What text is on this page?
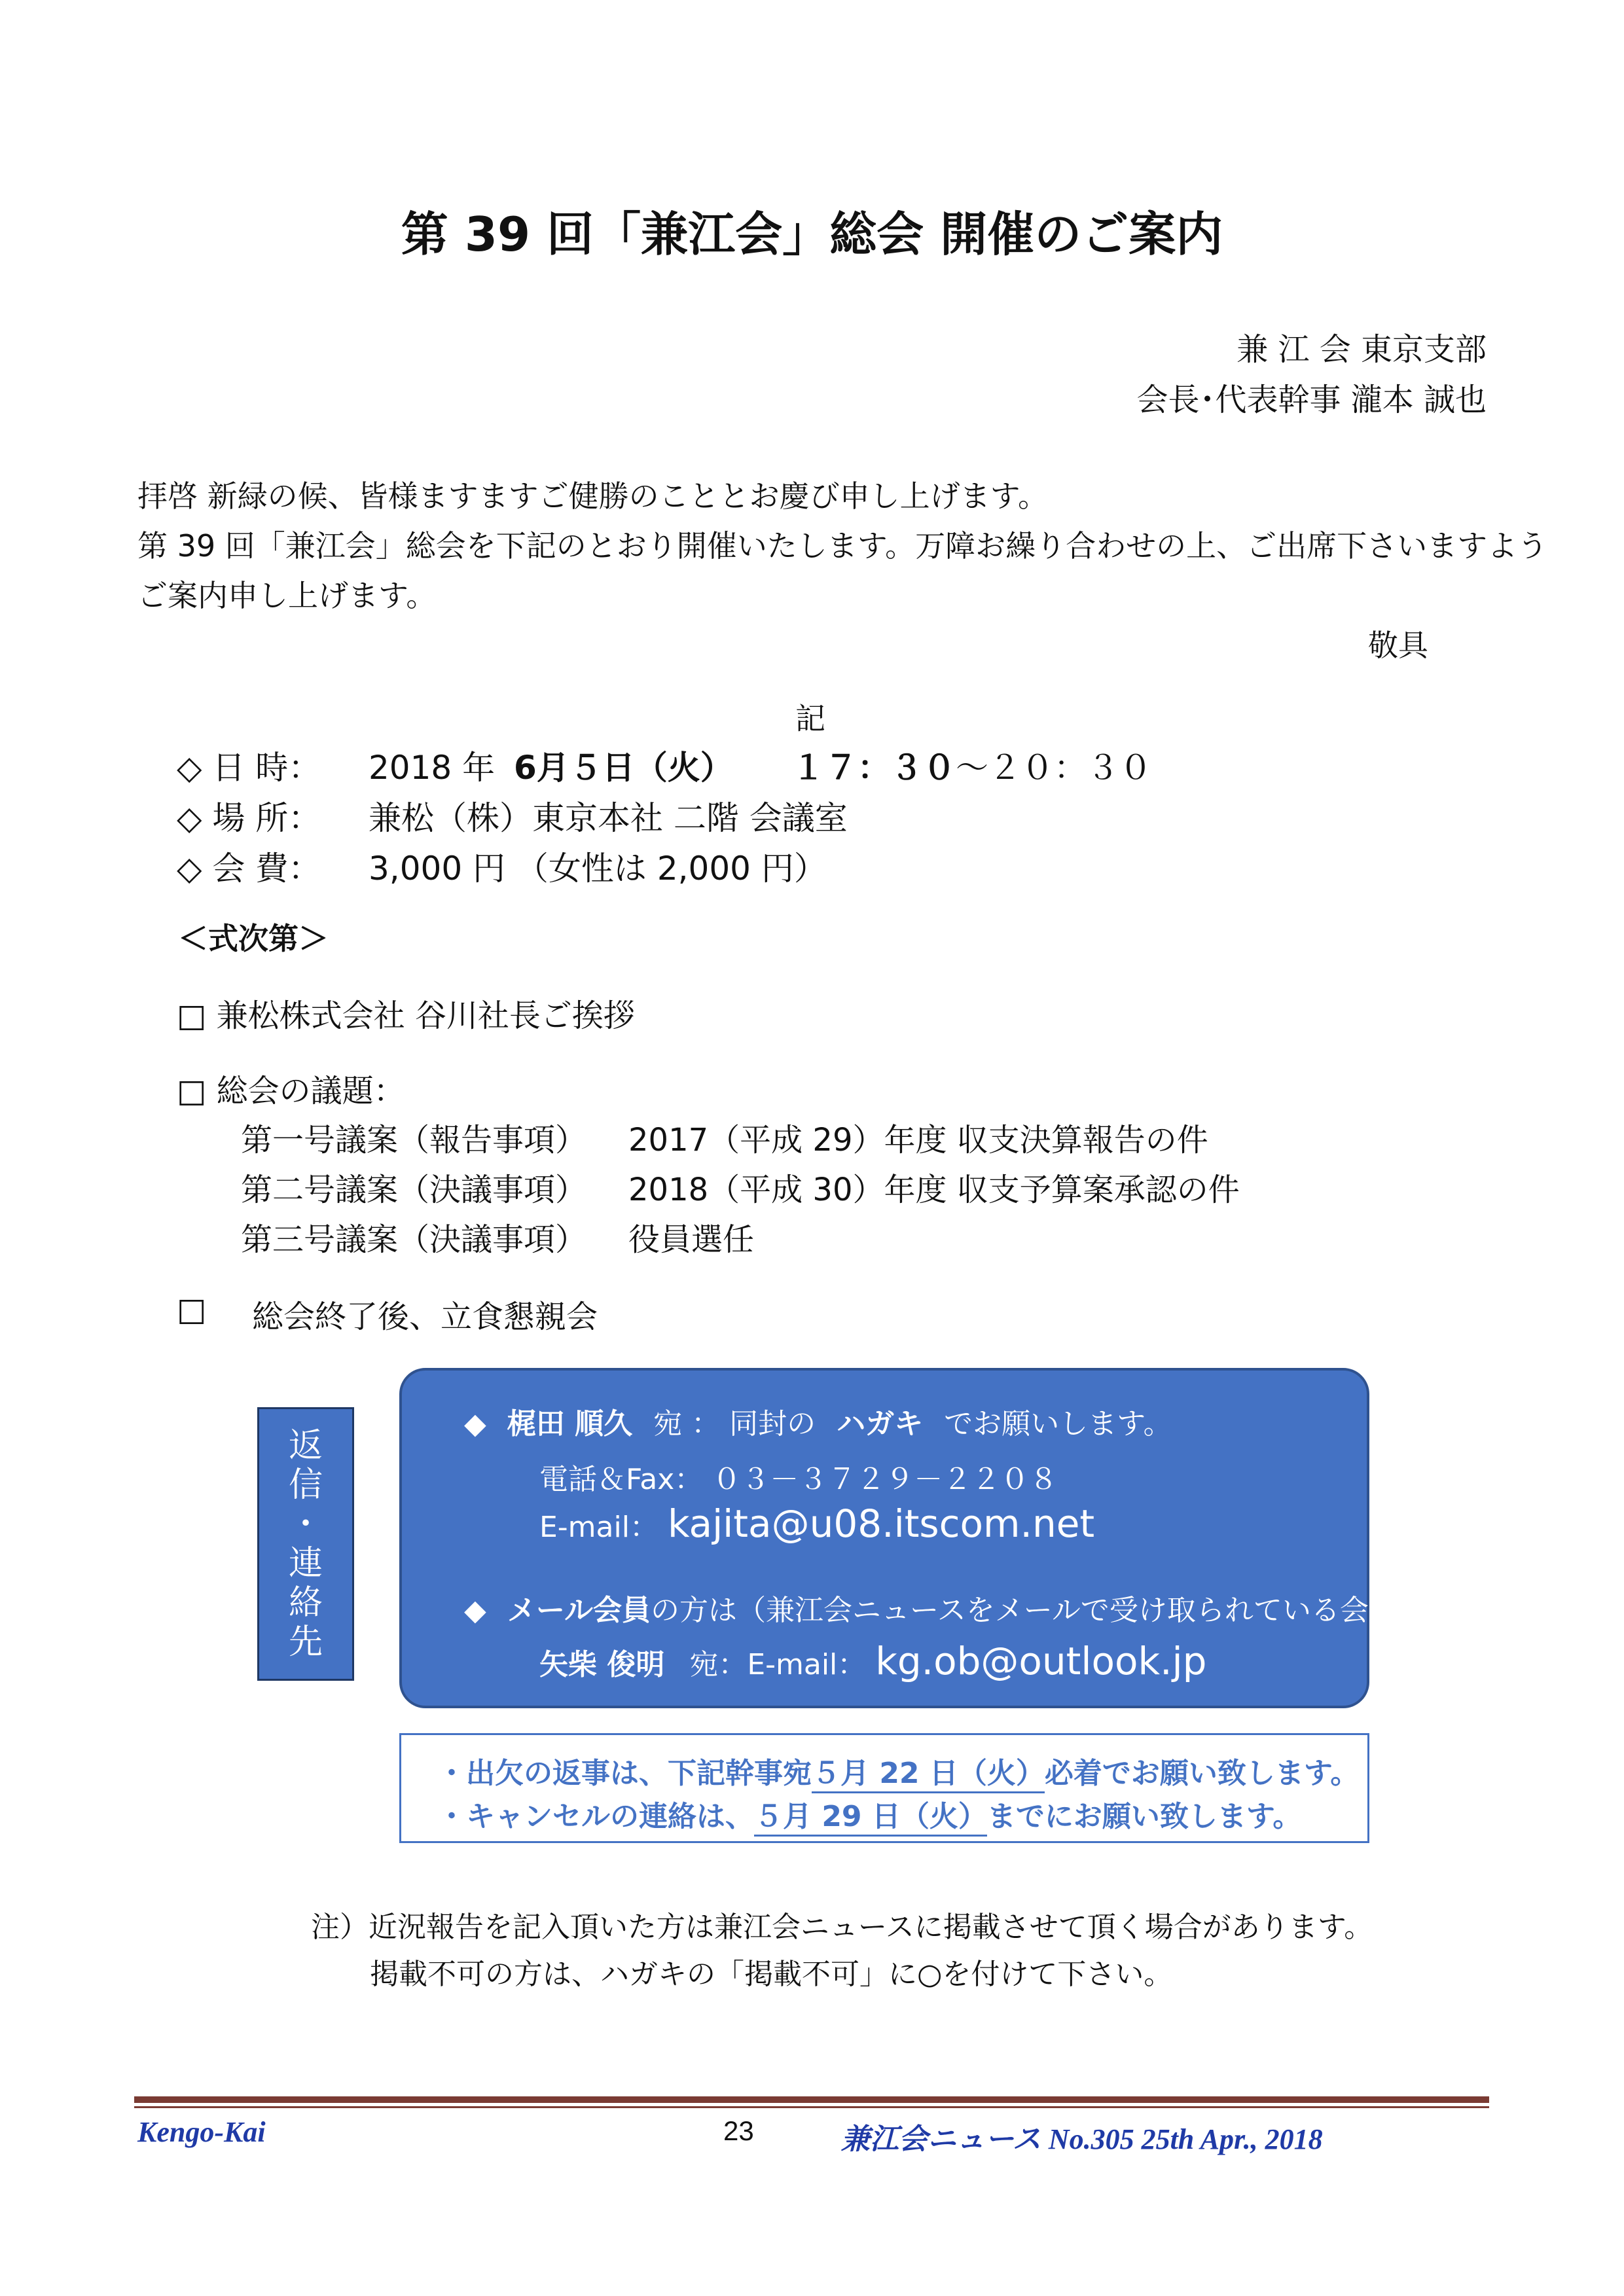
第 39 回「兼江会」総会 開催のご案内
兼 江 会 東京支部
会長･代表幹事 瀧本 誠也
拝啓 新緑の候、皆様ますますご健勝のこととお慶び申し上げます。
第 39 回「兼江会」総会を下記のとおり開催いたします。万障お繰り合わせの上、ご出席下さいますよう
ご案内申し上げます。
敬具
記
◇ 日 時： 2018 年 6月５日（火） １７：３０～２０：３０
◇ 場 所： 兼松（株）東京本社 二階 会議室
◇ 会 費： 3,000 円 （女性は 2,000 円）
＜式次第＞
□ 兼松株式会社 谷川社長ご挨拶
□ 総会の議題：
第一号議案（報告事項） 2017（平成 29）年度 収支決算報告の件
第二号議案（決議事項） 2018（平成 30）年度 収支予算案承認の件
第三号議案（決議事項） 役員選任
□ 総会終了後、立食懇親会
返
信
・
連
絡
先
◆ 梶田 順久 宛 ： 同封の ハガキ でお願いします。
電話＆Fax： ０３－３７２９－２２０８
E-mail： kajita@u08.itscom.net
◆ メール会員の方は（兼江会ニュースをメールで受け取られている会員）
矢柴 俊明 宛：E-mail： kg.ob@outlook.jp
・出欠の返事は、下記幹事宛５月 22 日（火）必着でお願い致します。
・キャンセルの連絡は、５月 29 日（火）までにお願い致します。
注）近況報告を記入頂いた方は兼江会ニュースに掲載させて頂く場合があります。
掲載不可の方は、ハガキの「掲載不可」に○を付けて下さい。
Kengo-Kai	23	兼江会ニュース No.305 25th Apr., 2018
